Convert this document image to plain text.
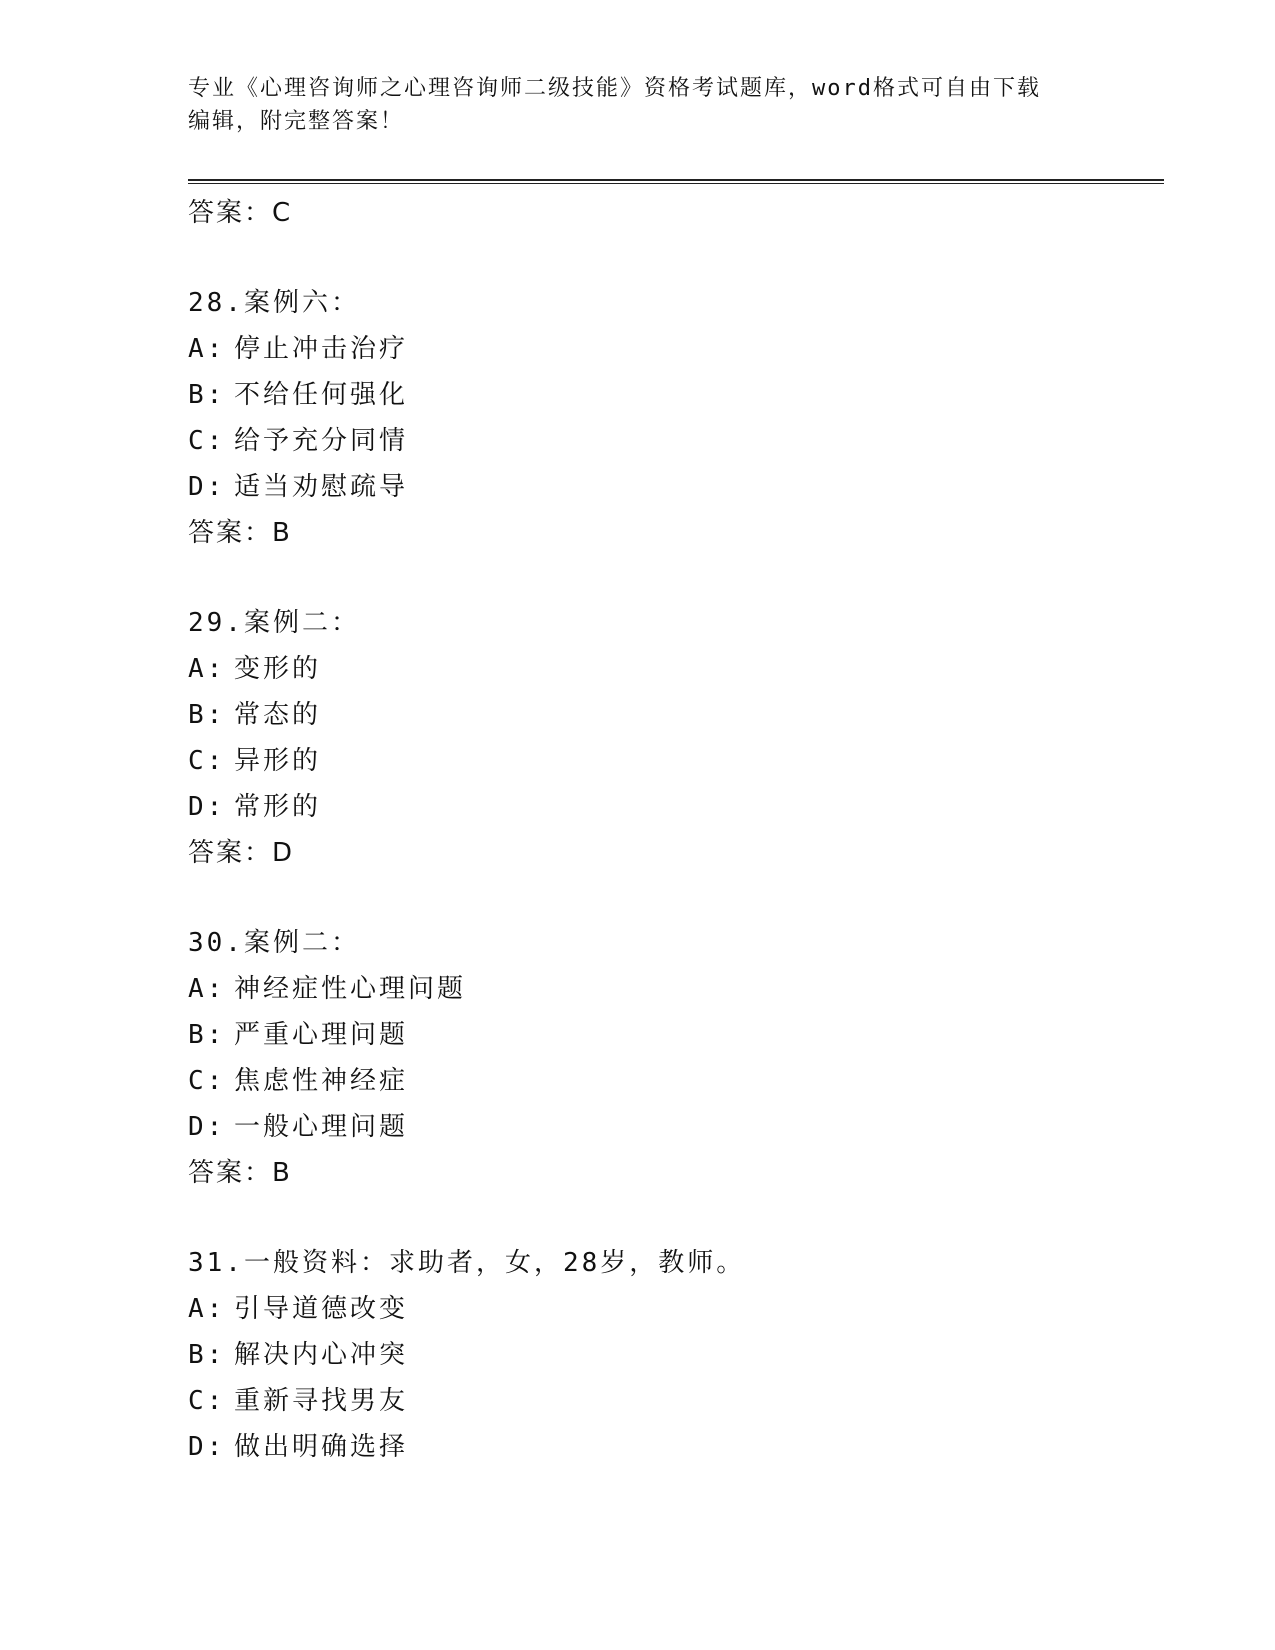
专业《心理咨询师之心理咨询师二级技能》资格考试题库，word格式可自由下载
编辑，附完整答案！
答案：C
28.案例六：
A: 停止冲击治疗
B: 不给任何强化
C: 给予充分同情
D: 适当劝慰疏导
答案：B
29.案例二：
A: 变形的
B: 常态的
C: 异形的
D: 常形的
答案：D
30.案例二：
A: 神经症性心理问题
B: 严重心理问题
C: 焦虑性神经症
D: 一般心理问题
答案：B
31.一般资料：求助者，女，28岁，教师。
A: 引导道德改变
B: 解决内心冲突
C: 重新寻找男友
D: 做出明确选择
